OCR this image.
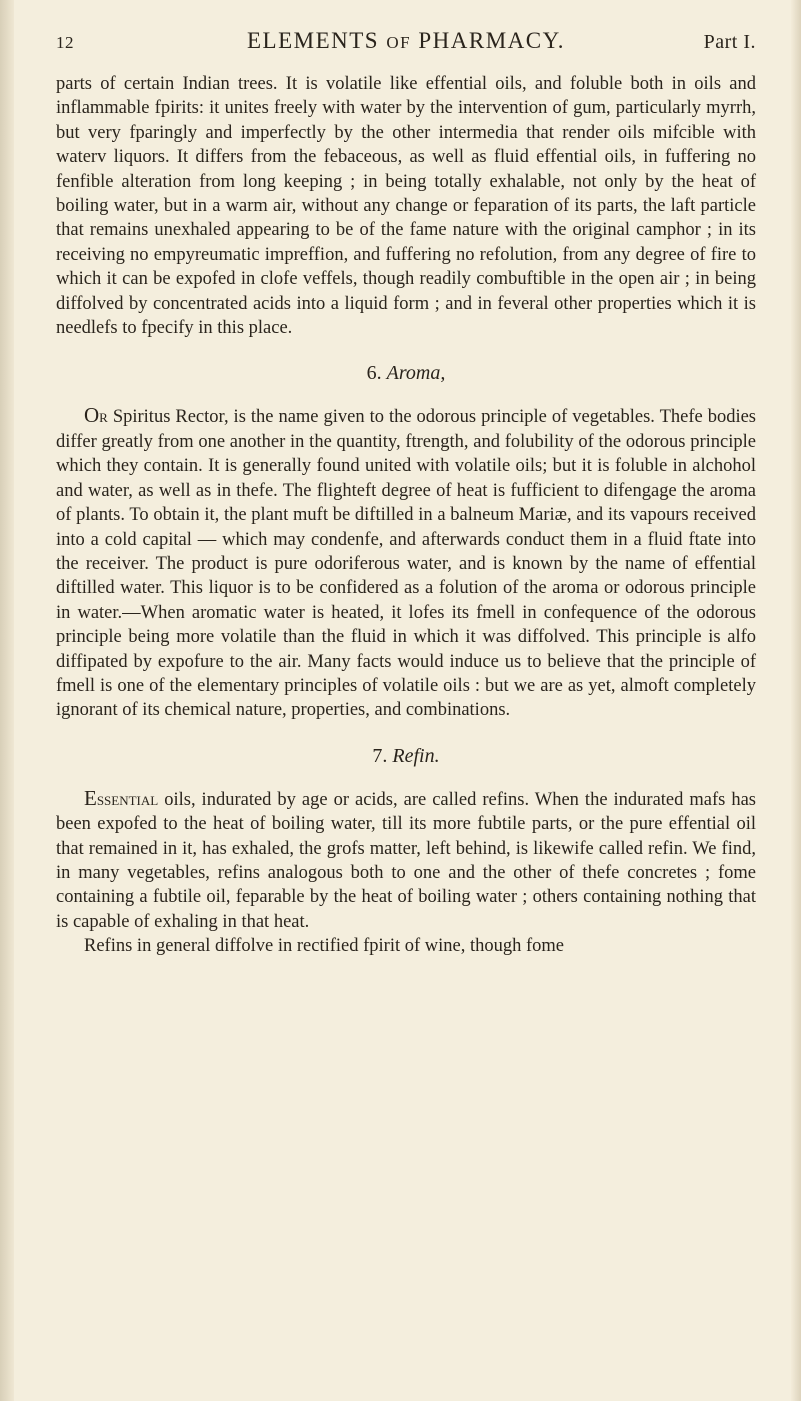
12	ELEMENTS OF PHARMACY.	Part I.

parts of certain Indian trees. It is volatile like effential oils, and foluble both in oils and inflammable fpirits: it unites freely with water by the intervention of gum, particularly myrrh, but very fparingly and imperfectly by the other intermedia that render oils mifcible with waterv liquors. It differs from the febaceous, as well as fluid effential oils, in fuffering no fenfible alteration from long keeping ; in being totally exhalable, not only by the heat of boiling water, but in a warm air, without any change or feparation of its parts, the laft particle that remains unexhaled appearing to be of the fame nature with the original camphor ; in its receiving no empyreumatic impreffion, and fuffering no refolution, from any degree of fire to which it can be expofed in clofe veffels, though readily combuftible in the open air ; in being diffolved by concentrated acids into a liquid form ; and in feveral other properties which it is needlefs to fpecify in this place.

6. Aroma,

Or Spiritus Rector, is the name given to the odorous principle of vegetables. Thefe bodies differ greatly from one another in the quantity, ftrength, and folubility of the odorous principle which they contain. It is generally found united with volatile oils; but it is foluble in alchohol and water, as well as in thefe. The flighteft degree of heat is fufficient to difengage the aroma of plants. To obtain it, the plant muft be diftilled in a balneum Mariæ, and its vapours received into a cold capital — which may condenfe, and afterwards conduct them in a fluid ftate into the receiver. The product is pure odoriferous water, and is known by the name of effential diftilled water. This liquor is to be confidered as a folution of the aroma or odorous principle in water.—When aromatic water is heated, it lofes its fmell in confequence of the odorous principle being more volatile than the fluid in which it was diffolved. This principle is alfo diffipated by expofure to the air. Many facts would induce us to believe that the principle of fmell is one of the elementary principles of volatile oils : but we are as yet, almoft completely ignorant of its chemical nature, properties, and combinations.

7. Refin.

Essential oils, indurated by age or acids, are called refins. When the indurated mafs has been expofed to the heat of boiling water, till its more fubtile parts, or the pure effential oil that remained in it, has exhaled, the grofs matter, left behind, is likewife called refin. We find, in many vegetables, refins analogous both to one and the other of thefe concretes ; fome containing a fubtile oil, feparable by the heat of boiling water ; others containing nothing that is capable of exhaling in that heat.

Refins in general diffolve in rectified fpirit of wine, though fome
